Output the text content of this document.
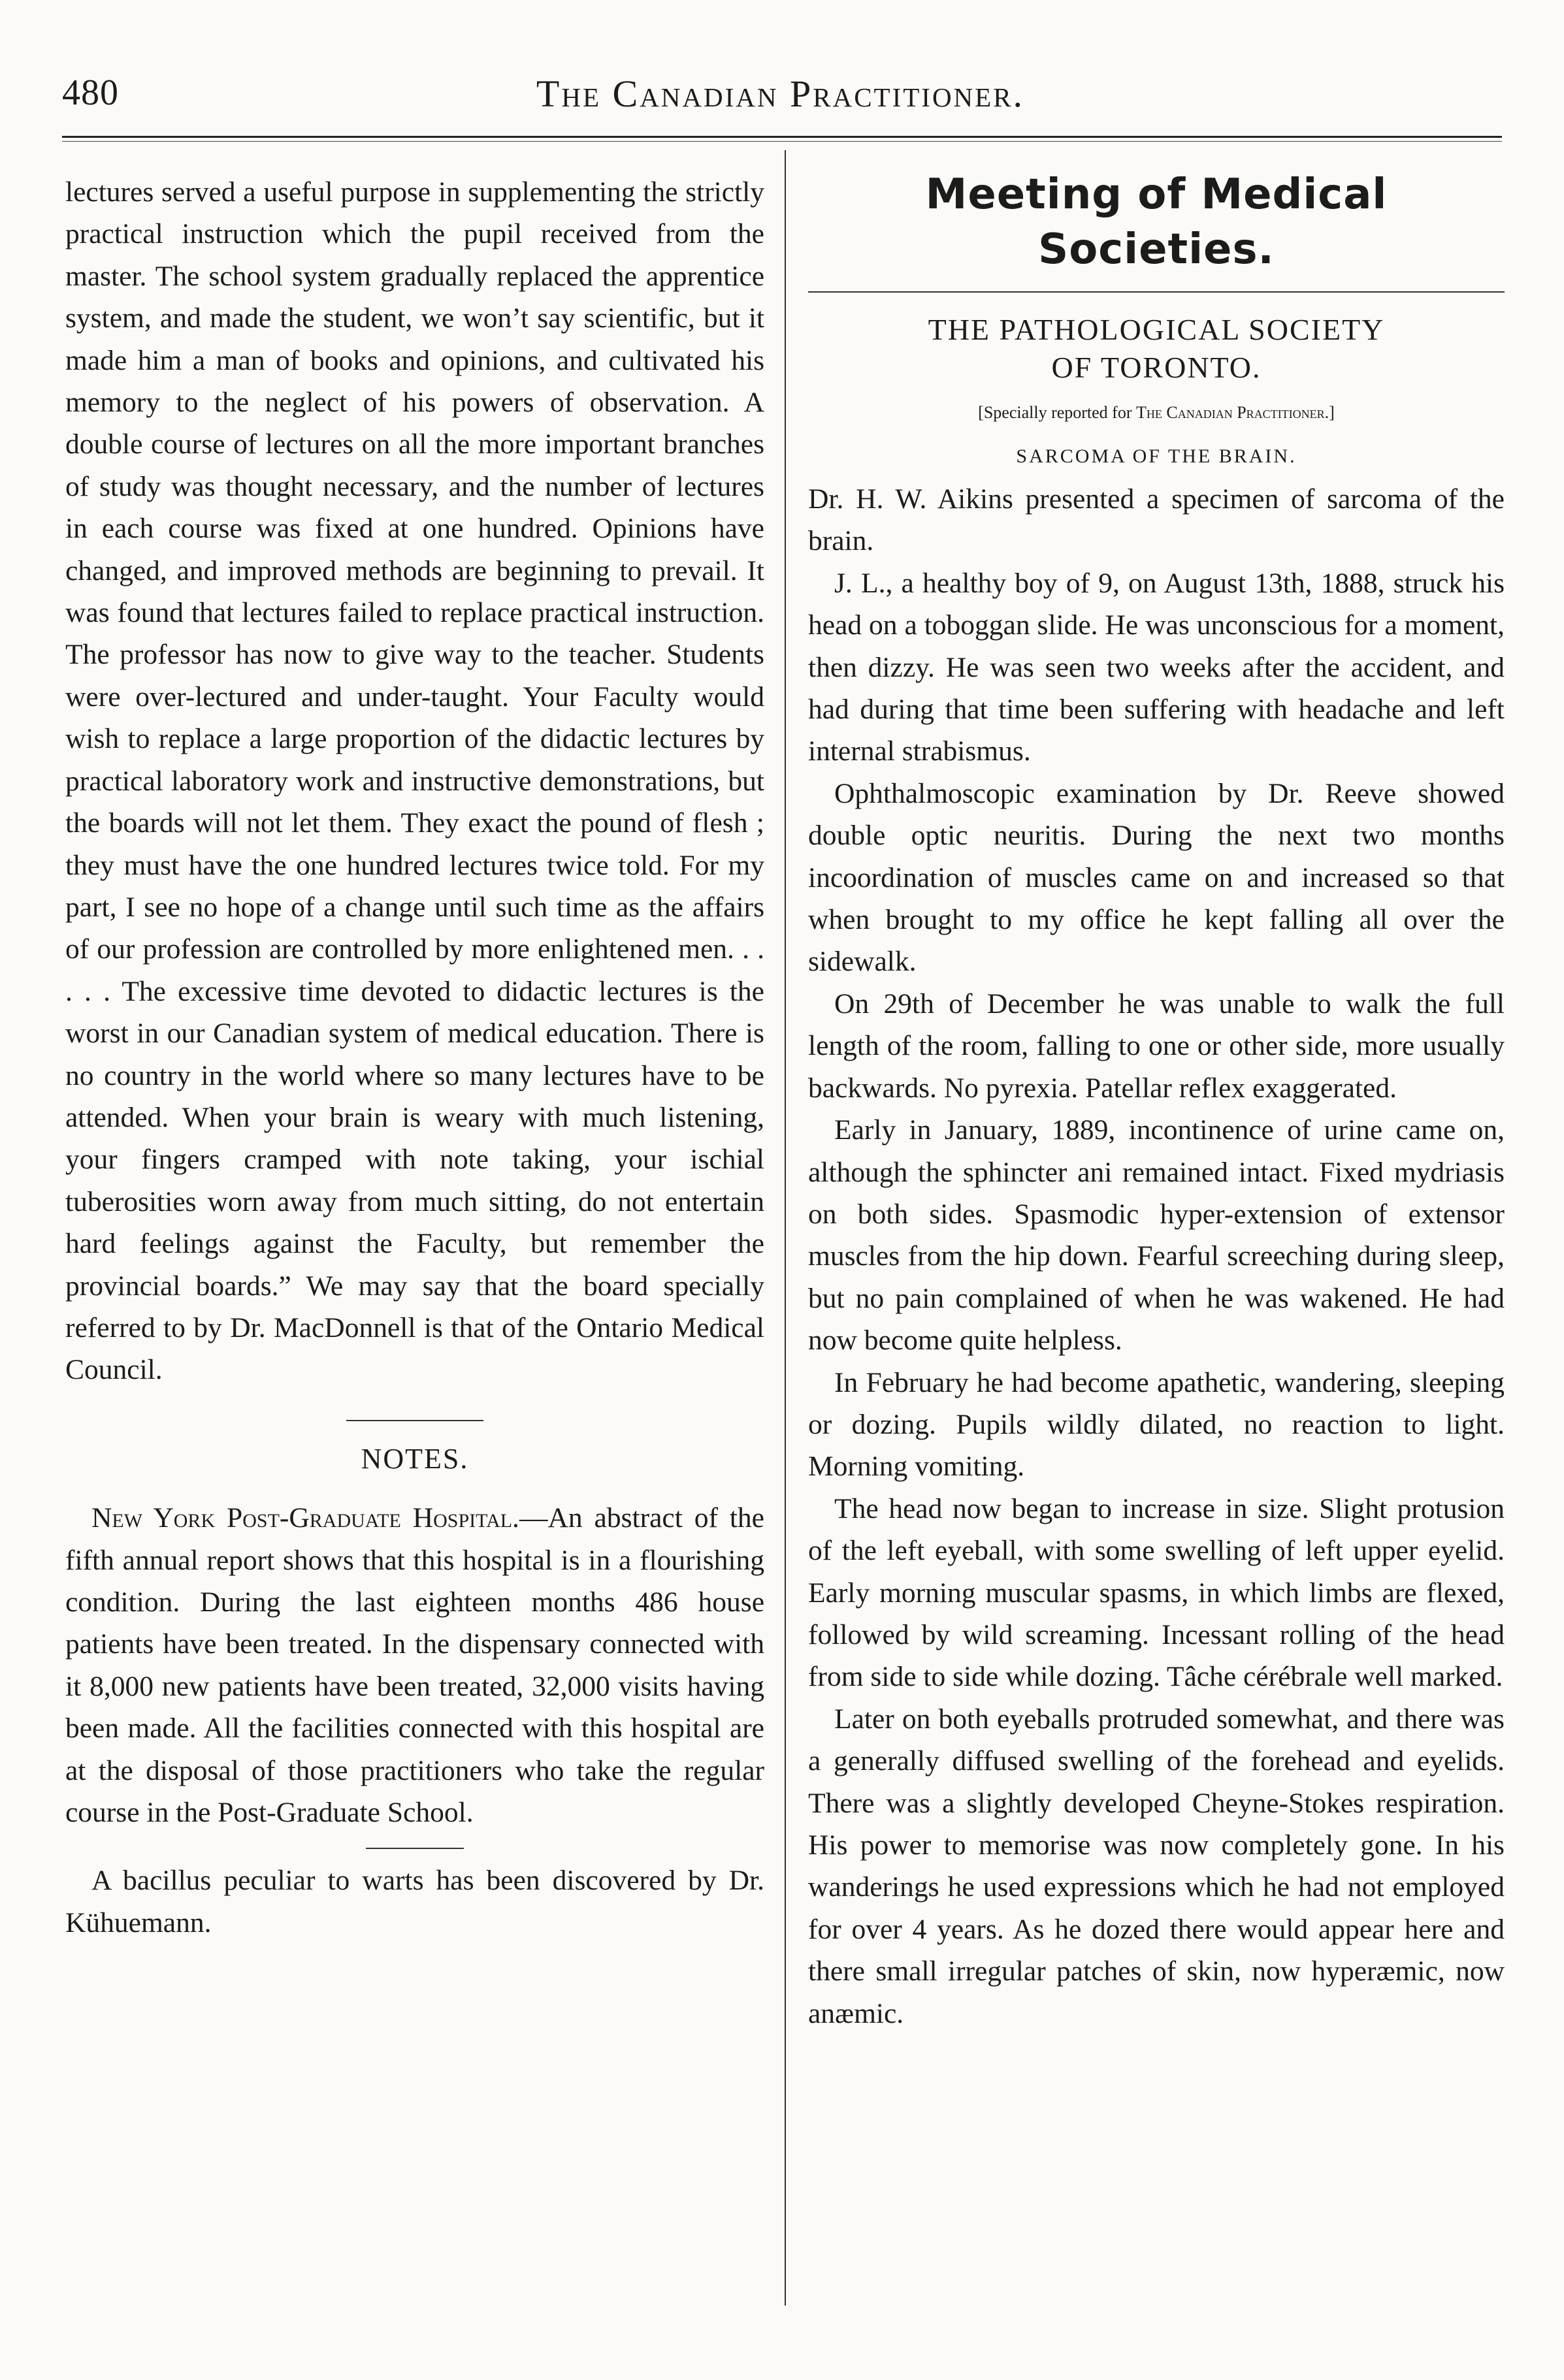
480	The Canadian Practitioner.

lectures served a useful purpose in supplementing the strictly practical instruction which the pupil received from the master. The school system gradually replaced the apprentice system, and made the student, we won’t say scientific, but it made him a man of books and opinions, and cultivated his memory to the neglect of his powers of observation. A double course of lectures on all the more important branches of study was thought necessary, and the number of lectures in each course was fixed at one hundred. Opinions have changed, and improved methods are beginning to prevail. It was found that lectures failed to replace practical instruction. The professor has now to give way to the teacher. Students were over-lectured and under-taught. Your Faculty would wish to replace a large proportion of the didactic lectures by practical laboratory work and instructive demonstrations, but the boards will not let them. They exact the pound of flesh ; they must have the one hundred lectures twice told. For my part, I see no hope of a change until such time as the affairs of our profession are controlled by more enlightened men. . . . . . The excessive time devoted to didactic lectures is the worst in our Canadian system of medical education. There is no country in the world where so many lectures have to be attended. When your brain is weary with much listening, your fingers cramped with note taking, your ischial tuberosities worn away from much sitting, do not entertain hard feelings against the Faculty, but remember the provincial boards.” We may say that the board specially referred to by Dr. MacDonnell is that of the Ontario Medical Council.

NOTES.

New York Post-Graduate Hospital.—An abstract of the fifth annual report shows that this hospital is in a flourishing condition. During the last eighteen months 486 house patients have been treated. In the dispensary connected with it 8,000 new patients have been treated, 32,000 visits having been made. All the facilities connected with this hospital are at the disposal of those practitioners who take the regular course in the Post-Graduate School.

A bacillus peculiar to warts has been discovered by Dr. Kühuemann.

Meeting of Medical Societies.
THE PATHOLOGICAL SOCIETY
OF TORONTO.
[Specially reported for The Canadian Practitioner.]
SARCOMA OF THE BRAIN.

Dr. H. W. Aikins presented a specimen of sarcoma of the brain.

J. L., a healthy boy of 9, on August 13th, 1888, struck his head on a toboggan slide. He was unconscious for a moment, then dizzy. He was seen two weeks after the accident, and had during that time been suffering with headache and left internal strabismus.

Ophthalmoscopic examination by Dr. Reeve showed double optic neuritis. During the next two months incoordination of muscles came on and increased so that when brought to my office he kept falling all over the sidewalk.

On 29th of December he was unable to walk the full length of the room, falling to one or other side, more usually backwards. No pyrexia. Patellar reflex exaggerated.

Early in January, 1889, incontinence of urine came on, although the sphincter ani remained intact. Fixed mydriasis on both sides. Spasmodic hyper-extension of extensor muscles from the hip down. Fearful screeching during sleep, but no pain complained of when he was wakened. He had now become quite helpless.

In February he had become apathetic, wandering, sleeping or dozing. Pupils wildly dilated, no reaction to light. Morning vomiting.

The head now began to increase in size. Slight protusion of the left eyeball, with some swelling of left upper eyelid. Early morning muscular spasms, in which limbs are flexed, followed by wild screaming. Incessant rolling of the head from side to side while dozing. Tâche cérébrale well marked.

Later on both eyeballs protruded somewhat, and there was a generally diffused swelling of the forehead and eyelids. There was a slightly developed Cheyne-Stokes respiration. His power to memorise was now completely gone. In his wanderings he used expressions which he had not employed for over 4 years. As he dozed there would appear here and there small irregular patches of skin, now hyperæmic, now anæmic.
